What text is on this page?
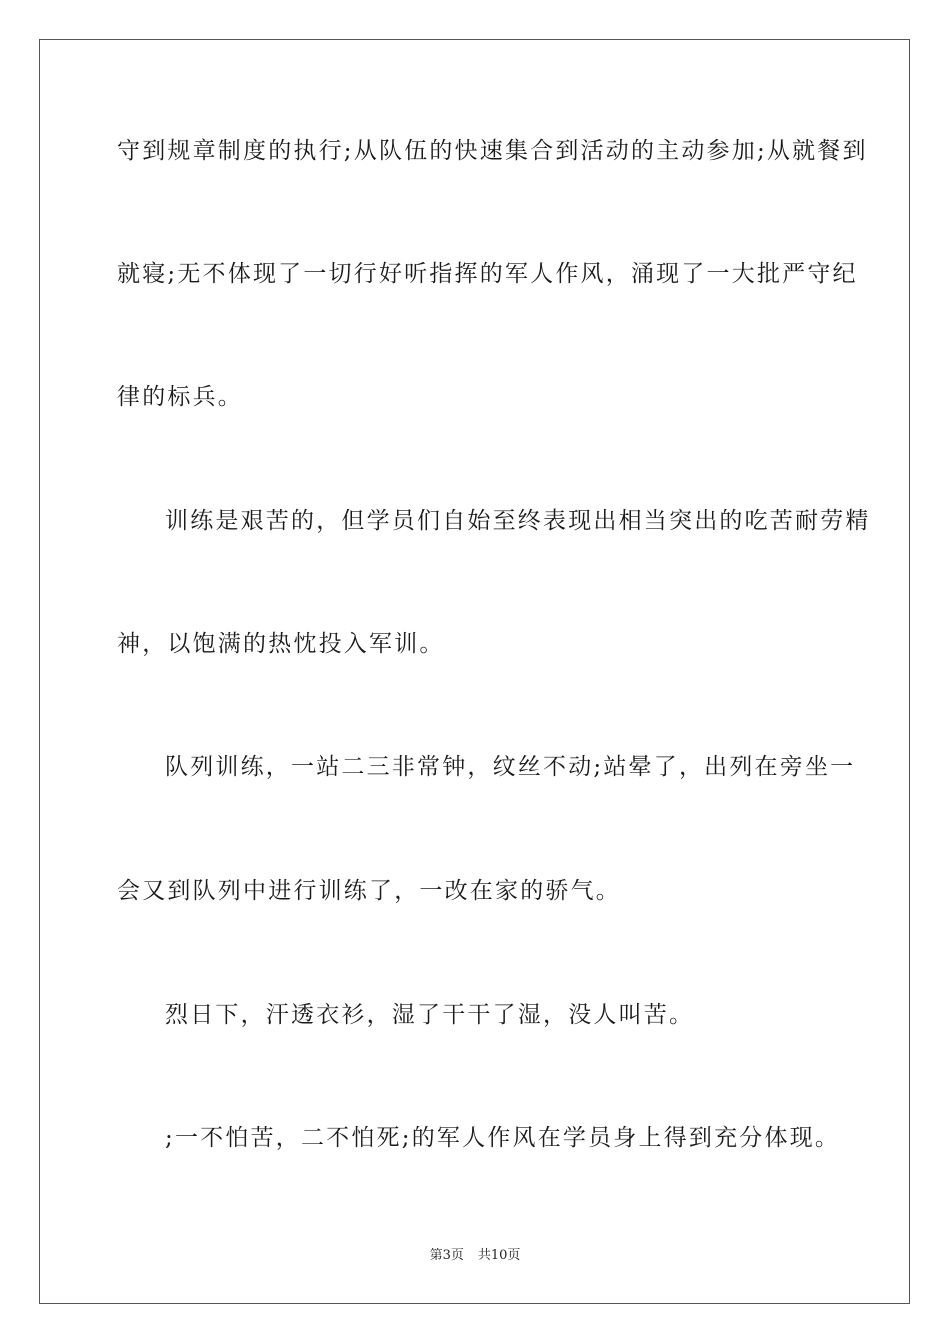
守到规章制度的执行;从队伍的快速集合到活动的主动参加;从就餐到
就寝;无不体现了一切行好听指挥的军人作风，涌现了一大批严守纪
律的标兵。
训练是艰苦的，但学员们自始至终表现出相当突出的吃苦耐劳精
神，以饱满的热忱投入军训。
队列训练，一站二三非常钟，纹丝不动;站晕了，出列在旁坐一
会又到队列中进行训练了，一改在家的骄气。
烈日下，汗透衣衫，湿了干干了湿，没人叫苦。
;一不怕苦，二不怕死;的军人作风在学员身上得到充分体现。
第3页 共10页
